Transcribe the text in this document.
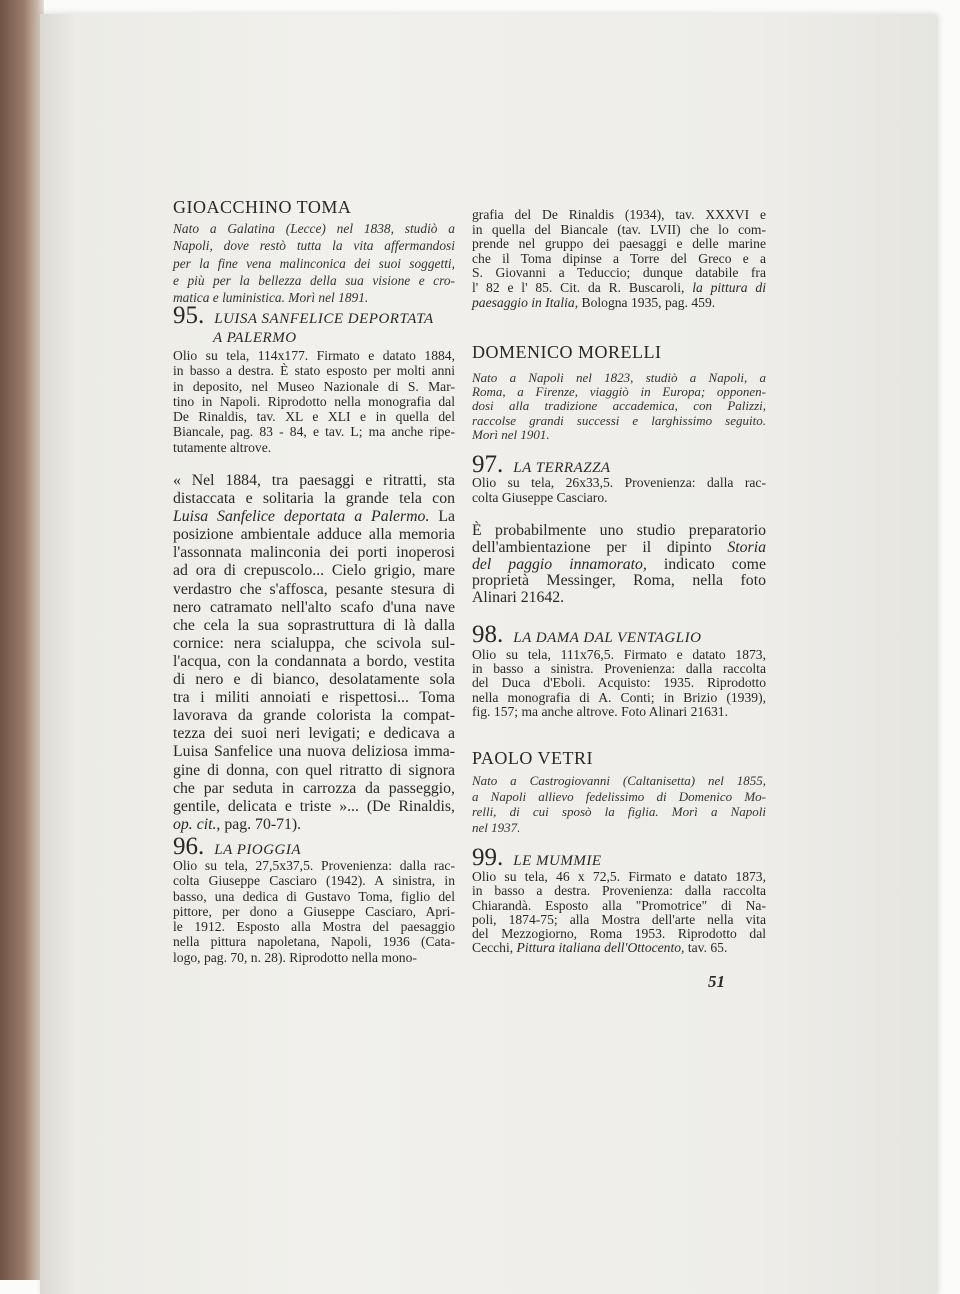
GIOACCHINO TOMA
Nato a Galatina (Lecce) nel 1838, studiò a
Napoli, dove restò tutta la vita affermandosi
per la fine vena malinconica dei suoi soggetti,
e più per la bellezza della sua visione e cro-
matica e luministica. Morì nel 1891.
95. LUISA SANFELICE DEPORTATA
A PALERMO
Olio su tela, 114x177. Firmato e datato 1884,
in basso a destra. È stato esposto per molti anni
in deposito, nel Museo Nazionale di S. Mar-
tino in Napoli. Riprodotto nella monografia dal
De Rinaldis, tav. XL e XLI e in quella del
Biancale, pag. 83 - 84, e tav. L; ma anche ripe-
tutamente altrove.
« Nel 1884, tra paesaggi e ritratti, sta
distaccata e solitaria la grande tela con
Luisa Sanfelice deportata a Palermo. La
posizione ambientale adduce alla memoria
l'assonnata malinconia dei porti inoperosi
ad ora di crepuscolo... Cielo grigio, mare
verdastro che s'affosca, pesante stesura di
nero catramato nell'alto scafo d'una nave
che cela la sua soprastruttura di là dalla
cornice: nera scialuppa, che scivola sul-
l'acqua, con la condannata a bordo, vestita
di nero e di bianco, desolatamente sola
tra i militi annoiati e rispettosi... Toma
lavorava da grande colorista la compat-
tezza dei suoi neri levigati; e dedicava a
Luisa Sanfelice una nuova deliziosa imma-
gine di donna, con quel ritratto di signora
che par seduta in carrozza da passeggio,
gentile, delicata e triste »... (De Rinaldis,
op. cit., pag. 70-71).
96. LA PIOGGIA
Olio su tela, 27,5x37,5. Provenienza: dalla rac-
colta Giuseppe Casciaro (1942). A sinistra, in
basso, una dedica di Gustavo Toma, figlio del
pittore, per dono a Giuseppe Casciaro, Apri-
le 1912. Esposto alla Mostra del paesaggio
nella pittura napoletana, Napoli, 1936 (Cata-
logo, pag. 70, n. 28). Riprodotto nella mono-
grafia del De Rinaldis (1934), tav. XXXVI e
in quella del Biancale (tav. LVII) che lo com-
prende nel gruppo dei paesaggi e delle marine
che il Toma dipinse a Torre del Greco e a
S. Giovanni a Teduccio; dunque databile fra
l' 82 e l' 85. Cit. da R. Buscaroli, la pittura di
paesaggio in Italia, Bologna 1935, pag. 459.
DOMENICO MORELLI
Nato a Napoli nel 1823, studiò a Napoli, a
Roma, a Firenze, viaggiò in Europa; opponen-
dosi alla tradizione accademica, con Palizzi,
raccolse grandi successi e larghissimo seguito.
Morì nel 1901.
97. LA TERRAZZA
Olio su tela, 26x33,5. Provenienza: dalla rac-
colta Giuseppe Casciaro.
È probabilmente uno studio preparatorio
dell'ambientazione per il dipinto Storia
del paggio innamorato, indicato come
proprietà Messinger, Roma, nella foto
Alinari 21642.
98. LA DAMA DAL VENTAGLIO
Olio su tela, 111x76,5. Firmato e datato 1873,
in basso a sinistra. Provenienza: dalla raccolta
del Duca d'Eboli. Acquisto: 1935. Riprodotto
nella monografia di A. Conti; in Brizio (1939),
fig. 157; ma anche altrove. Foto Alinari 21631.
PAOLO VETRI
Nato a Castrogiovanni (Caltanisetta) nel 1855,
a Napoli allievo fedelissimo di Domenico Mo-
relli, di cui sposò la figlia. Morì a Napoli
nel 1937.
99. LE MUMMIE
Olio su tela, 46 x 72,5. Firmato e datato 1873,
in basso a destra. Provenienza: dalla raccolta
Chiarandà. Esposto alla "Promotrice" di Na-
poli, 1874-75; alla Mostra dell'arte nella vita
del Mezzogiorno, Roma 1953. Riprodotto dal
Cecchi, Pittura italiana dell'Ottocento, tav. 65.
51
